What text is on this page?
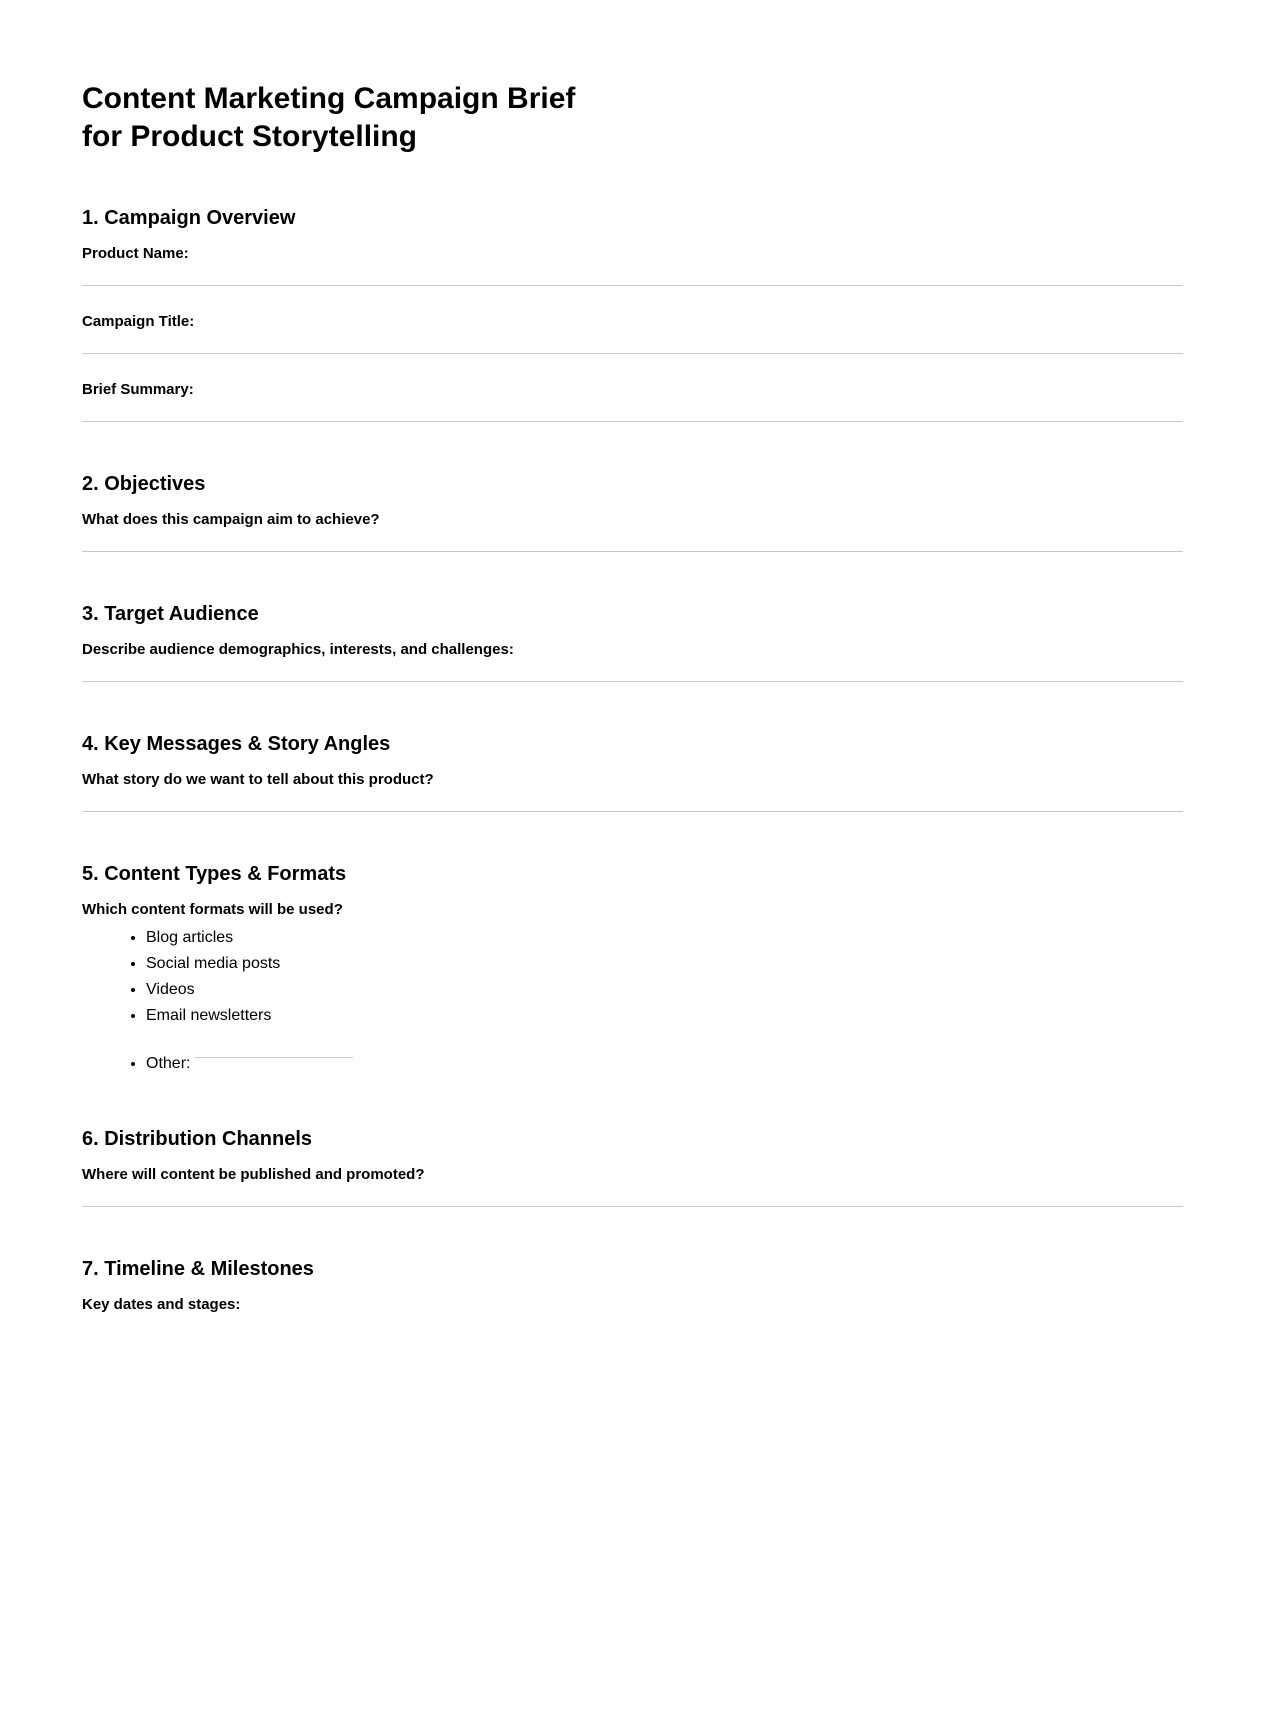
Content Marketing Campaign Brief
for Product Storytelling
1. Campaign Overview
Product Name:
Campaign Title:
Brief Summary:
2. Objectives
What does this campaign aim to achieve?
3. Target Audience
Describe audience demographics, interests, and challenges:
4. Key Messages & Story Angles
What story do we want to tell about this product?
5. Content Types & Formats
Which content formats will be used?
• Blog articles
• Social media posts
• Videos
• Email newsletters
• Other:
6. Distribution Channels
Where will content be published and promoted?
7. Timeline & Milestones
Key dates and stages:
